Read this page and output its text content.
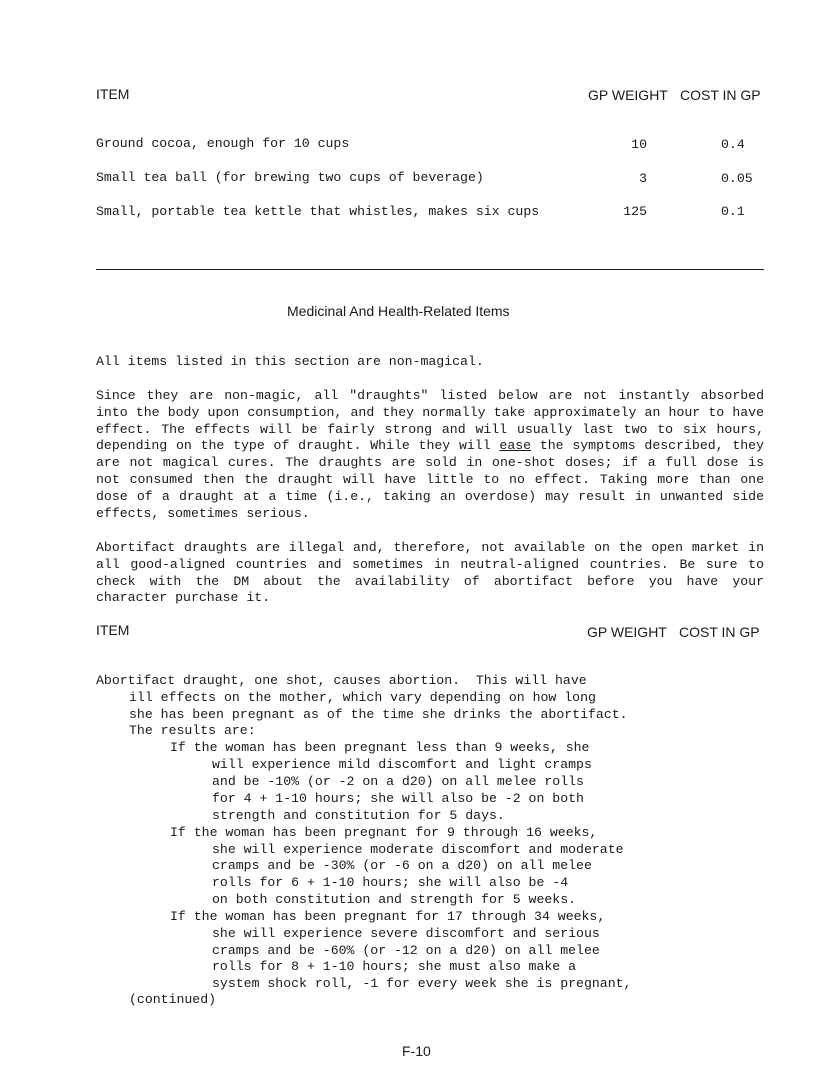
ITEM	GP WEIGHT COST IN GP
Ground cocoa, enough for 10 cups	10	0.4
Small tea ball (for brewing two cups of beverage)	3	0.05
Small, portable tea kettle that whistles, makes six cups	125	0.1
Medicinal And Health-Related Items
All items listed in this section are non-magical.
Since they are non-magic, all "draughts" listed below are not instantly absorbed into the body upon consumption, and they normally take approximately an hour to have effect. The effects will be fairly strong and will usually last two to six hours, depending on the type of draught. While they will ease the symptoms described, they are not magical cures. The draughts are sold in one-shot doses; if a full dose is not consumed then the draught will have little to no effect. Taking more than one dose of a draught at a time (i.e., taking an overdose) may result in unwanted side effects, sometimes serious.
Abortifact draughts are illegal and, therefore, not available on the open market in all good-aligned countries and sometimes in neutral-aligned countries. Be sure to check with the DM about the availability of abortifact before you have your character purchase it.
ITEM	GP WEIGHT COST IN GP
Abortifact draught, one shot, causes abortion.  This will have
ill effects on the mother, which vary depending on how long
she has been pregnant as of the time she drinks the abortifact.
The results are:
If the woman has been pregnant less than 9 weeks, she
will experience mild discomfort and light cramps
and be -10% (or -2 on a d20) on all melee rolls
for 4 + 1-10 hours; she will also be -2 on both
strength and constitution for 5 days.
If the woman has been pregnant for 9 through 16 weeks,
she will experience moderate discomfort and moderate
cramps and be -30% (or -6 on a d20) on all melee
rolls for 6 + 1-10 hours; she will also be -4
on both constitution and strength for 5 weeks.
If the woman has been pregnant for 17 through 34 weeks,
she will experience severe discomfort and serious
cramps and be -60% (or -12 on a d20) on all melee
rolls for 8 + 1-10 hours; she must also make a
system shock roll, -1 for every week she is pregnant,
(continued)
F-10
